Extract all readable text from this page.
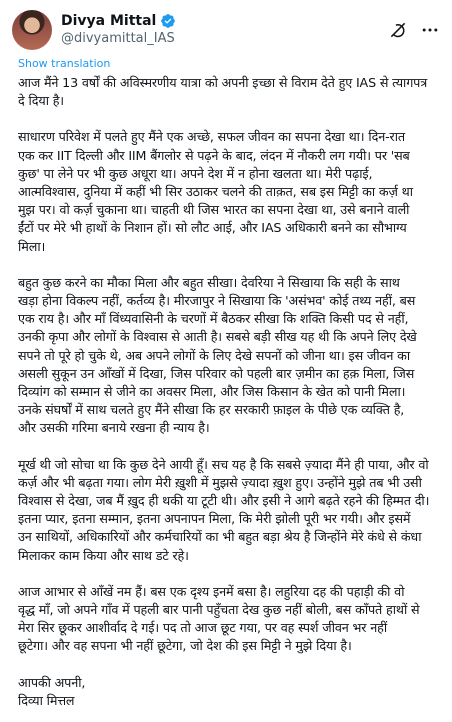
Divya Mittal
@divyamittal_IAS
Show translation

आज मैंने 13 वर्षों की अविस्मरणीय यात्रा को अपनी इच्छा से विराम देते हुए IAS से त्यागपत्र
दे दिया है।

साधारण परिवेश में पलते हुए मैंने एक अच्छे, सफल जीवन का सपना देखा था। दिन-रात
एक कर IIT दिल्ली और IIM बैंगलोर से पढ़ने के बाद, लंदन में नौकरी लग गयी। पर 'सब
कुछ' पा लेने पर भी कुछ अधूरा था। अपने देश में न होना खलता था। मेरी पढ़ाई,
आत्मविश्वास, दुनिया में कहीं भी सिर उठाकर चलने की ताक़त, सब इस मिट्टी का कर्ज़ था
मुझ पर। वो कर्ज़ चुकाना था। चाहती थी जिस भारत का सपना देखा था, उसे बनाने वाली
ईंटों पर मेरे भी हाथों के निशान हों। सो लौट आई, और IAS अधिकारी बनने का सौभाग्य
मिला।

बहुत कुछ करने का मौका मिला और बहुत सीखा। देवरिया ने सिखाया कि सही के साथ
खड़ा होना विकल्प नहीं, कर्तव्य है। मीरजापुर ने सिखाया कि 'असंभव' कोई तथ्य नहीं, बस
एक राय है। और माँ विंध्यवासिनी के चरणों में बैठकर सीखा कि शक्ति किसी पद से नहीं,
उनकी कृपा और लोगों के विश्वास से आती है। सबसे बड़ी सीख यह थी कि अपने लिए देखे
सपने तो पूरे हो चुके थे, अब अपने लोगों के लिए देखे सपनों को जीना था। इस जीवन का
असली सुकून उन आँखों में दिखा, जिस परिवार को पहली बार ज़मीन का हक़ मिला, जिस
दिव्यांग को सम्मान से जीने का अवसर मिला, और जिस किसान के खेत को पानी मिला।
उनके संघर्षों में साथ चलते हुए मैंने सीखा कि हर सरकारी फ़ाइल के पीछे एक व्यक्ति है,
और उसकी गरिमा बनाये रखना ही न्याय है।

मूर्ख थी जो सोचा था कि कुछ देने आयी हूँ। सच यह है कि सबसे ज़्यादा मैंने ही पाया, और वो
कर्ज़ और भी बढ़ता गया। लोग मेरी ख़ुशी में मुझसे ज़्यादा ख़ुश हुए। उन्होंने मुझे तब भी उसी
विश्वास से देखा, जब मैं ख़ुद ही थकी या टूटी थी। और इसी ने आगे बढ़ते रहने की हिम्मत दी।
इतना प्यार, इतना सम्मान, इतना अपनापन मिला, कि मेरी झोली पूरी भर गयी। और इसमें
उन साथियों, अधिकारियों और कर्मचारियों का भी बहुत बड़ा श्रेय है जिन्होंने मेरे कंधे से कंधा
मिलाकर काम किया और साथ डटे रहे।

आज आभार से आँखें नम हैं। बस एक दृश्य इनमें बसा है। लहुरिया दह की पहाड़ी की वो
वृद्ध माँ, जो अपने गाँव में पहली बार पानी पहुँचता देख कुछ नहीं बोली, बस काँपते हाथों से
मेरा सिर छूकर आशीर्वाद दे गई। पद तो आज छूट गया, पर वह स्पर्श जीवन भर नहीं
छूटेगा। और वह सपना भी नहीं छूटेगा, जो देश की इस मिट्टी ने मुझे दिया है।

आपकी अपनी,
दिव्या मित्तल
